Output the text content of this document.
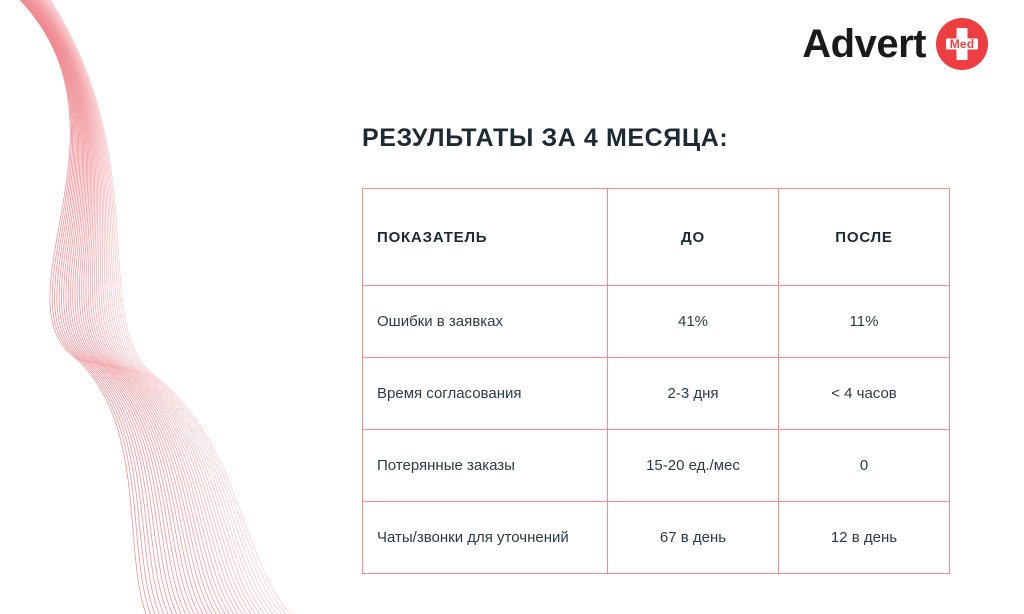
Advert Med
РЕЗУЛЬТАТЫ ЗА 4 МЕСЯЦА:
ПОКАЗАТЕЛЬ	ДО	ПОСЛЕ
Ошибки в заявках	41%	11%
Время согласования	2-3 дня	< 4 часов
Потерянные заказы	15-20 ед./мес	0
Чаты/звонки для уточнений	67 в день	12 в день
